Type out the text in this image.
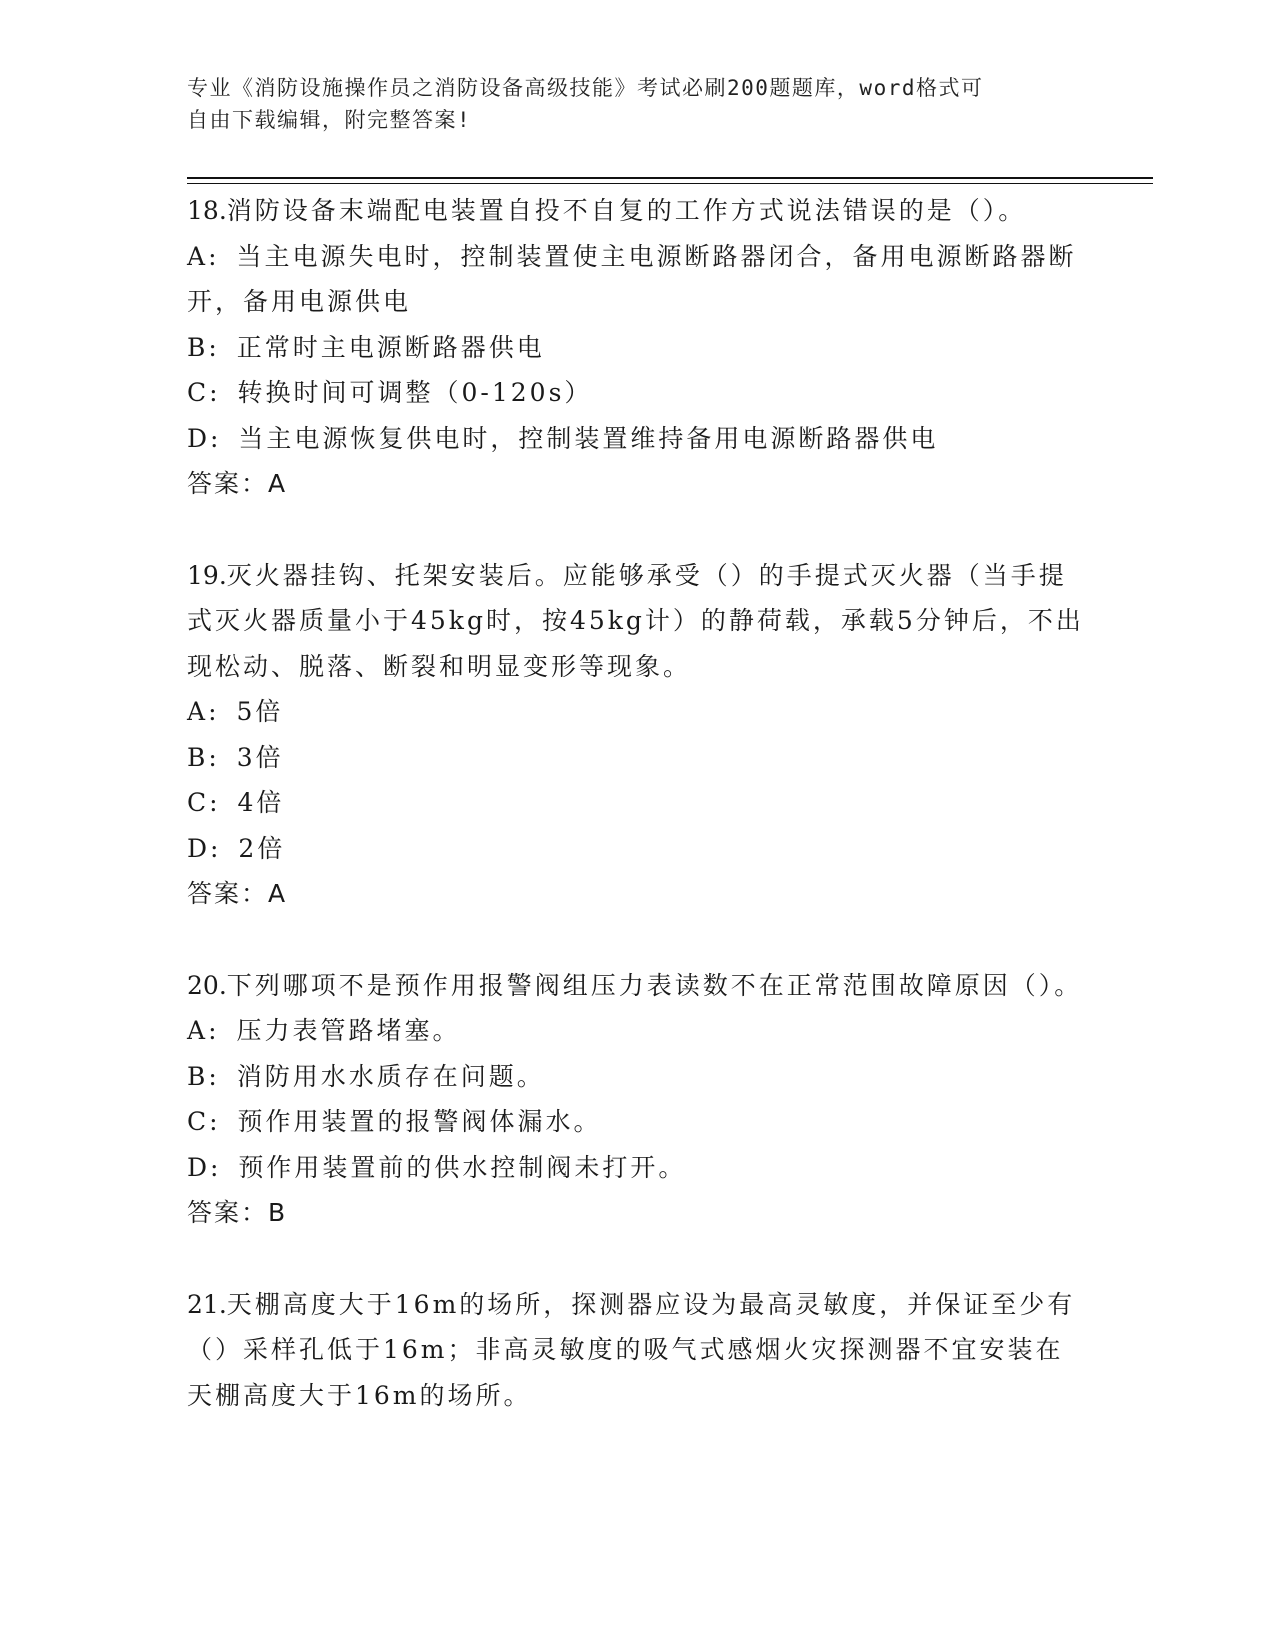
专业《消防设施操作员之消防设备高级技能》考试必刷200题题库，word格式可
自由下载编辑，附完整答案!

18 . 消防设备末端配电装置自投不自复的工作方式说法错误的是（）。

A : 当主电源失电时，控制装置使主电源断路器闭合，备用电源断路器断开，备用电源供电

B : 正常时主电源断路器供电

C : 转换时间可调整（0-120s）

D : 当主电源恢复供电时，控制装置维持备用电源断路器供电

答案：A

19 . 灭火器挂钩、托架安装后。应能够承受（）的手提式灭火器（当手提式灭火器质量小于45kg时，按45kg计）的静荷载，承载5分钟后，不出现松动、脱落、断裂和明显变形等现象。

A : 5倍

B : 3倍

C : 4倍

D : 2倍

答案：A

20 . 下列哪项不是预作用报警阀组压力表读数不在正常范围故障原因（）。

A : 压力表管路堵塞。

B : 消防用水水质存在问题。

C : 预作用装置的报警阀体漏水。

D : 预作用装置前的供水控制阀未打开。

答案：B

21 . 天棚高度大于16m的场所，探测器应设为最高灵敏度，并保证至少有（）采样孔低于16m；非高灵敏度的吸气式感烟火灾探测器不宜安装在天棚高度大于16m的场所。
